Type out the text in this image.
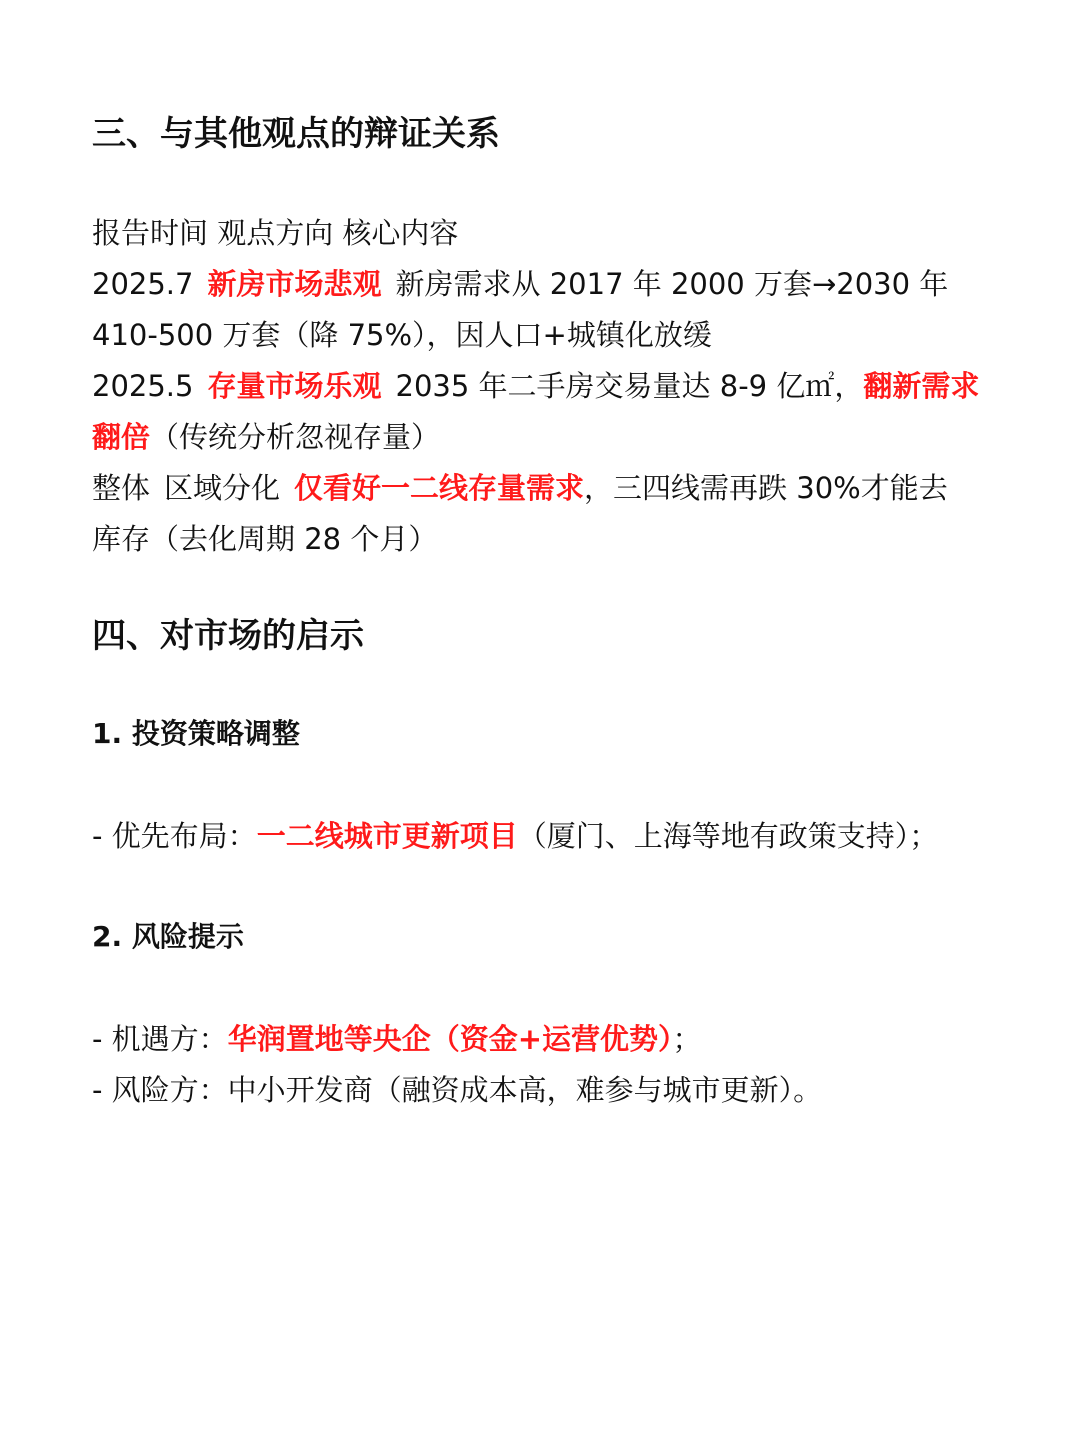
三、与其他观点的辩证关系
报告时间 观点方向 核心内容
2025.7 新房市场悲观 新房需求从 2017 年 2000 万套→2030 年
410-500 万套（降 75%），因人口+城镇化放缓
2025.5 存量市场乐观 2035 年二手房交易量达 8-9 亿㎡，翻新需求
翻倍（传统分析忽视存量）
整体 区域分化 仅看好一二线存量需求，三四线需再跌 30%才能去
库存（去化周期 28 个月）
四、对市场的启示
1. 投资策略调整
- 优先布局：一二线城市更新项目（厦门、上海等地有政策支持）；
2. 风险提示
- 机遇方：华润置地等央企（资金+运营优势）；
- 风险方：中小开发商（融资成本高，难参与城市更新）。
